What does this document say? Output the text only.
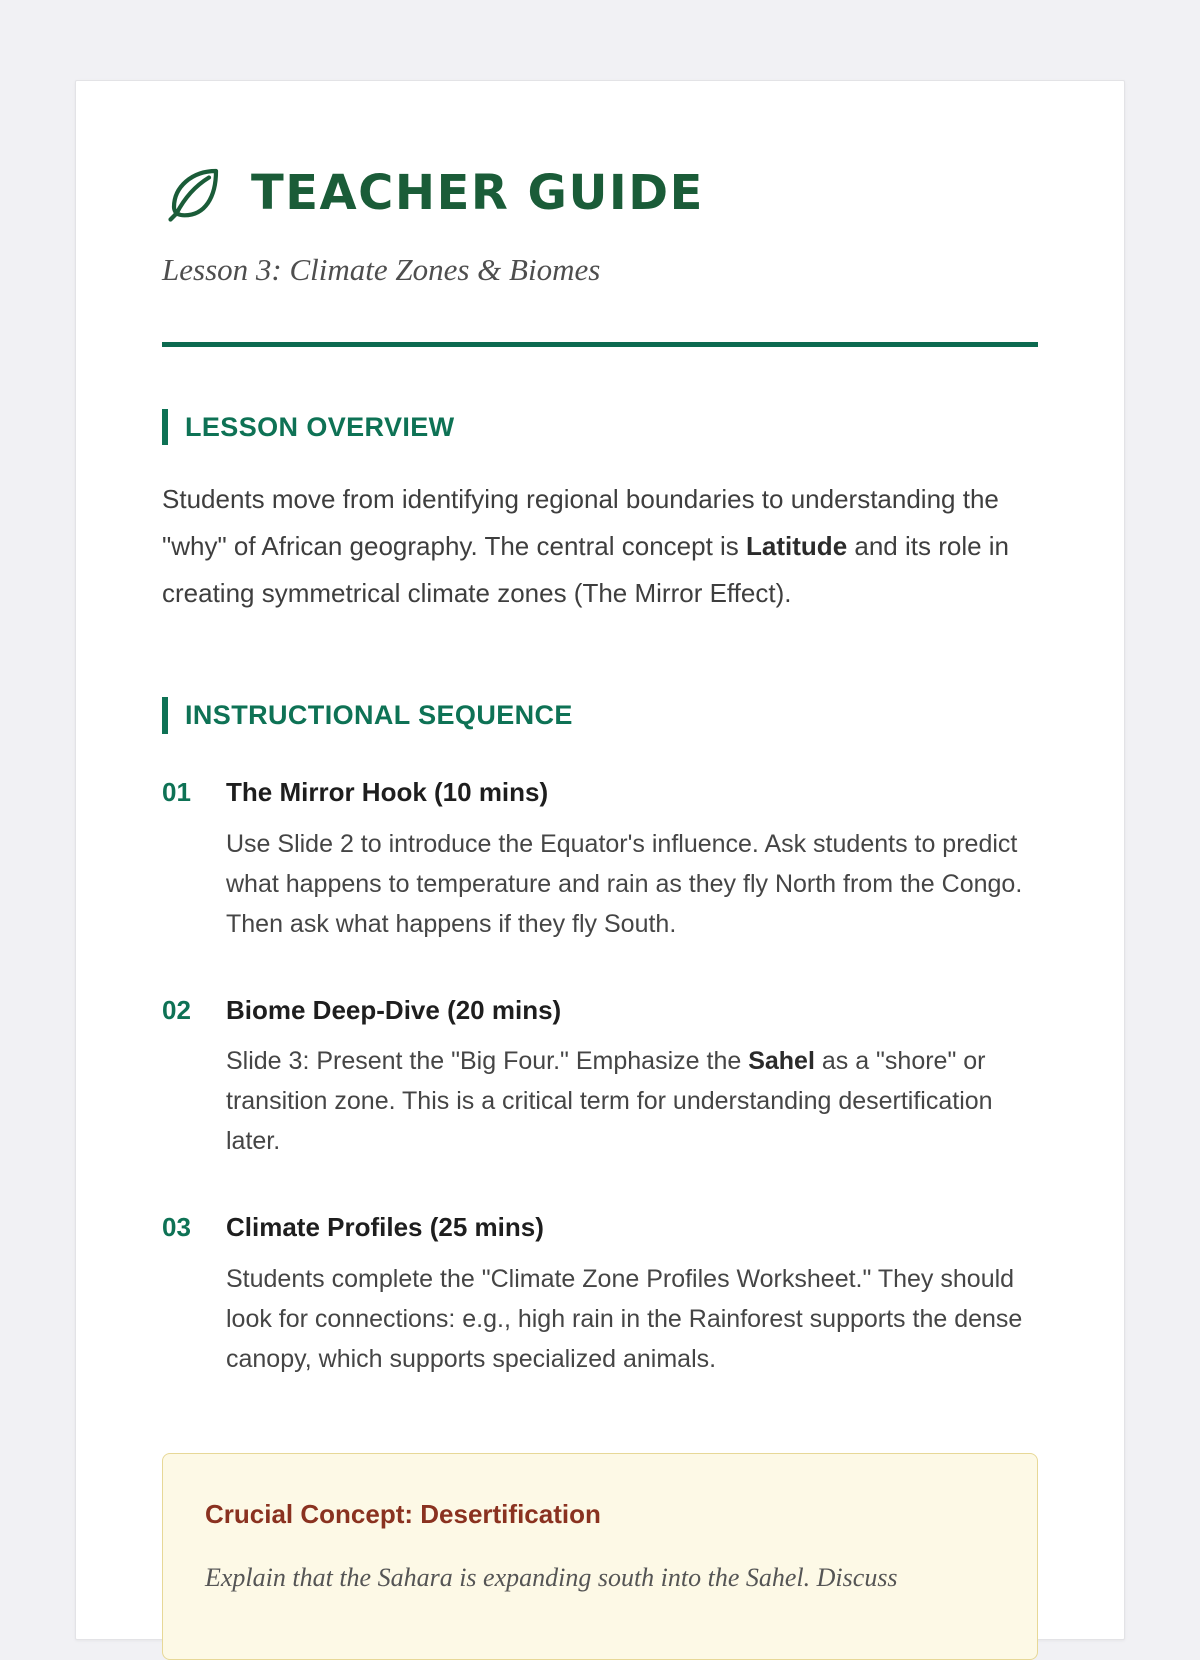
TEACHER GUIDE

Lesson 3: Climate Zones & Biomes

LESSON OVERVIEW

Students move from identifying regional boundaries to understanding the "why" of African geography. The central concept is Latitude and its role in creating symmetrical climate zones (The Mirror Effect).

INSTRUCTIONAL SEQUENCE
01	The Mirror Hook (10 mins)

Use Slide 2 to introduce the Equator's influence. Ask students to predict what happens to temperature and rain as they fly North from the Congo. Then ask what happens if they fly South.

02	Biome Deep-Dive (20 mins)

Slide 3: Present the "Big Four." Emphasize the Sahel as a "shore" or transition zone. This is a critical term for understanding desertification later.

03	Climate Profiles (25 mins)

Students complete the "Climate Zone Profiles Worksheet." They should look for connections: e.g., high rain in the Rainforest supports the dense canopy, which supports specialized animals.

Crucial Concept: Desertification

Explain that the Sahara is expanding south into the Sahel. Discuss
